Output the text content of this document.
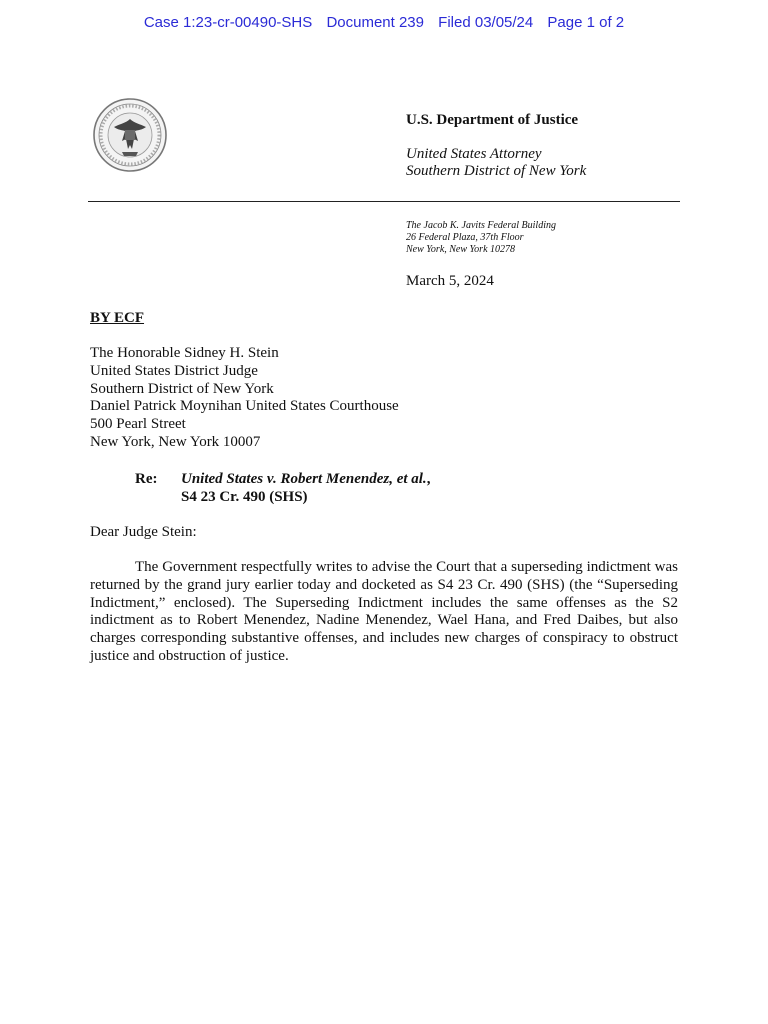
Case 1:23-cr-00490-SHS Document 239 Filed 03/05/24 Page 1 of 2
U.S. Department of Justice
United States Attorney
Southern District of New York
The Jacob K. Javits Federal Building
26 Federal Plaza, 37th Floor
New York, New York 10278
March 5, 2024
BY ECF
The Honorable Sidney H. Stein
United States District Judge
Southern District of New York
Daniel Patrick Moynihan United States Courthouse
500 Pearl Street
New York, New York 10007
Re: United States v. Robert Menendez, et al.,
S4 23 Cr. 490 (SHS)
Dear Judge Stein:
The Government respectfully writes to advise the Court that a superseding indictment was returned by the grand jury earlier today and docketed as S4 23 Cr. 490 (SHS) (the “Superseding Indictment,” enclosed). The Superseding Indictment includes the same offenses as the S2 indictment as to Robert Menendez, Nadine Menendez, Wael Hana, and Fred Daibes, but also charges corresponding substantive offenses, and includes new charges of conspiracy to obstruct justice and obstruction of justice.
